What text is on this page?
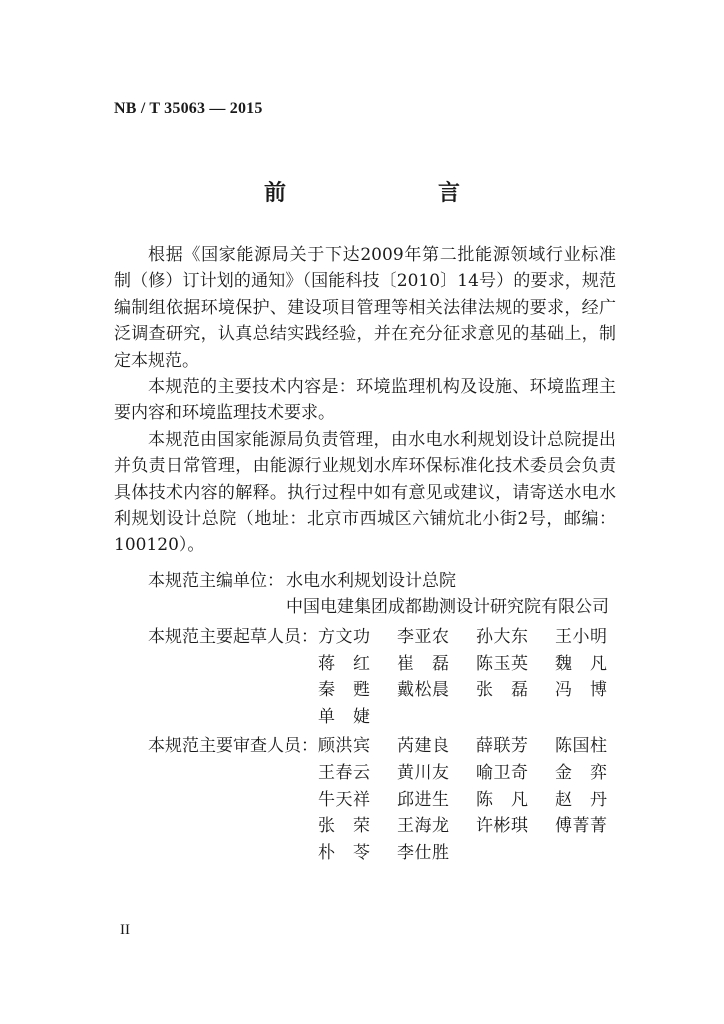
NB / T 35063 — 2015
前　　言

根据《国家能源局关于下达2009年第二批能源领域行业标准制（修）订计划的通知》（国能科技〔2010〕14号）的要求，规范编制组依据环境保护、建设项目管理等相关法律法规的要求，经广泛调查研究，认真总结实践经验，并在充分征求意见的基础上，制定本规范。

本规范的主要技术内容是：环境监理机构及设施、环境监理主要内容和环境监理技术要求。

本规范由国家能源局负责管理，由水电水利规划设计总院提出并负责日常管理，由能源行业规划水库环保标准化技术委员会负责具体技术内容的解释。执行过程中如有意见或建议，请寄送水电水利规划设计总院（地址：北京市西城区六铺炕北小街2号，邮编：100120）。

本规范主编单位： 水电水利规划设计总院
中国电建集团成都勘测设计研究院有限公司
本规范主要起草人员： 方文功	李亚农	孙大东	王小明
蒋　红	崔　磊	陈玉英	魏　凡
秦　甦	戴松晨	张　磊	冯　博
单　婕
本规范主要审查人员： 顾洪宾	芮建良	薛联芳	陈国柱
王春云	黄川友	喻卫奇	金　弈
牛天祥	邱进生	陈　凡	赵　丹
张　荣	王海龙	许彬琪	傅菁菁
朴　苓	李仕胜
II
